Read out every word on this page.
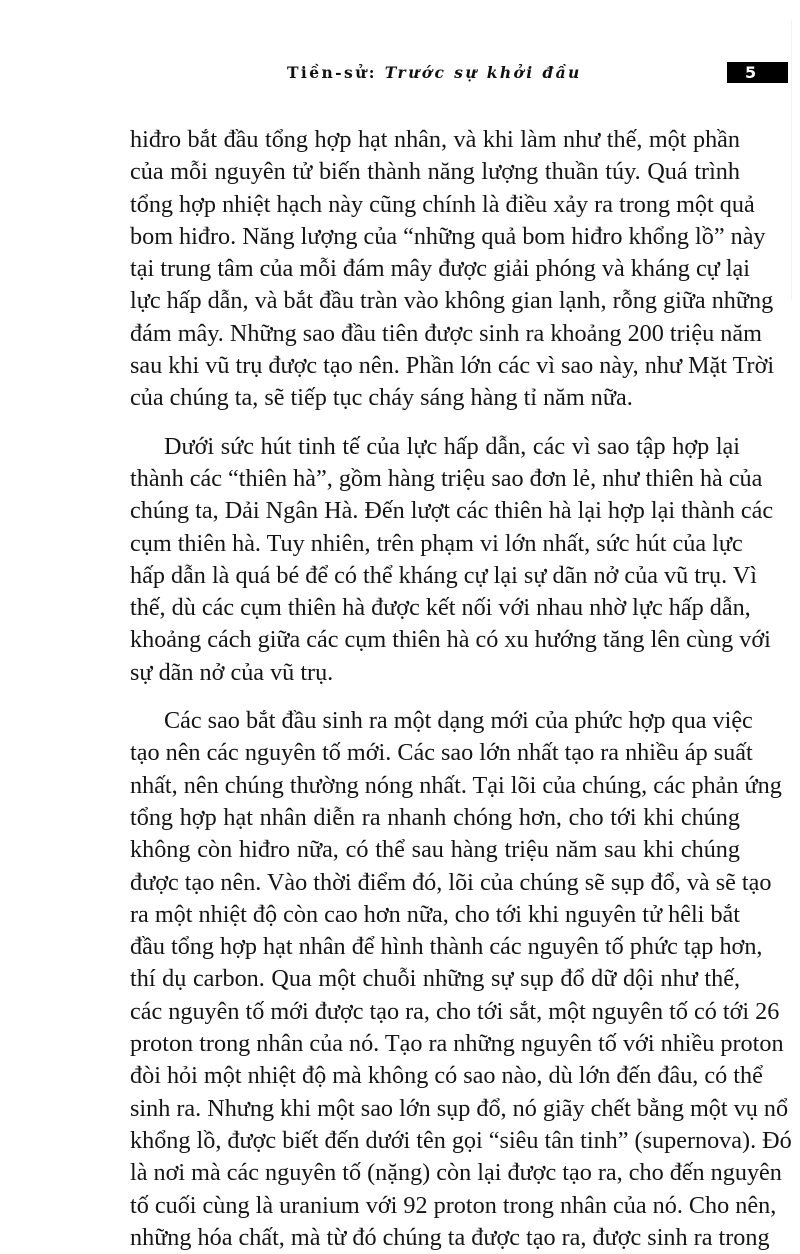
Tiền-sử: Trước sự khởi đầu	5
hiđro bắt đầu tổng hợp hạt nhân, và khi làm như thế, một phần
của mỗi nguyên tử biến thành năng lượng thuần túy. Quá trình
tổng hợp nhiệt hạch này cũng chính là điều xảy ra trong một quả
bom hiđro. Năng lượng của “những quả bom hiđro khổng lồ” này
tại trung tâm của mỗi đám mây được giải phóng và kháng cự lại
lực hấp dẫn, và bắt đầu tràn vào không gian lạnh, rỗng giữa những
đám mây. Những sao đầu tiên được sinh ra khoảng 200 triệu năm
sau khi vũ trụ được tạo nên. Phần lớn các vì sao này, như Mặt Trời
của chúng ta, sẽ tiếp tục cháy sáng hàng tỉ năm nữa.
Dưới sức hút tinh tế của lực hấp dẫn, các vì sao tập hợp lại
thành các “thiên hà”, gồm hàng triệu sao đơn lẻ, như thiên hà của
chúng ta, Dải Ngân Hà. Đến lượt các thiên hà lại hợp lại thành các
cụm thiên hà. Tuy nhiên, trên phạm vi lớn nhất, sức hút của lực
hấp dẫn là quá bé để có thể kháng cự lại sự dãn nở của vũ trụ. Vì
thế, dù các cụm thiên hà được kết nối với nhau nhờ lực hấp dẫn,
khoảng cách giữa các cụm thiên hà có xu hướng tăng lên cùng với
sự dãn nở của vũ trụ.
Các sao bắt đầu sinh ra một dạng mới của phức hợp qua việc
tạo nên các nguyên tố mới. Các sao lớn nhất tạo ra nhiều áp suất
nhất, nên chúng thường nóng nhất. Tại lõi của chúng, các phản ứng
tổng hợp hạt nhân diễn ra nhanh chóng hơn, cho tới khi chúng
không còn hiđro nữa, có thể sau hàng triệu năm sau khi chúng
được tạo nên. Vào thời điểm đó, lõi của chúng sẽ sụp đổ, và sẽ tạo
ra một nhiệt độ còn cao hơn nữa, cho tới khi nguyên tử hêli bắt
đầu tổng hợp hạt nhân để hình thành các nguyên tố phức tạp hơn,
thí dụ carbon. Qua một chuỗi những sự sụp đổ dữ dội như thế,
các nguyên tố mới được tạo ra, cho tới sắt, một nguyên tố có tới 26
proton trong nhân của nó. Tạo ra những nguyên tố với nhiều proton
đòi hỏi một nhiệt độ mà không có sao nào, dù lớn đến đâu, có thể
sinh ra. Nhưng khi một sao lớn sụp đổ, nó giãy chết bằng một vụ nổ
khổng lồ, được biết đến dưới tên gọi “siêu tân tinh” (supernova). Đó
là nơi mà các nguyên tố (nặng) còn lại được tạo ra, cho đến nguyên
tố cuối cùng là uranium với 92 proton trong nhân của nó. Cho nên,
những hóa chất, mà từ đó chúng ta được tạo ra, được sinh ra trong
